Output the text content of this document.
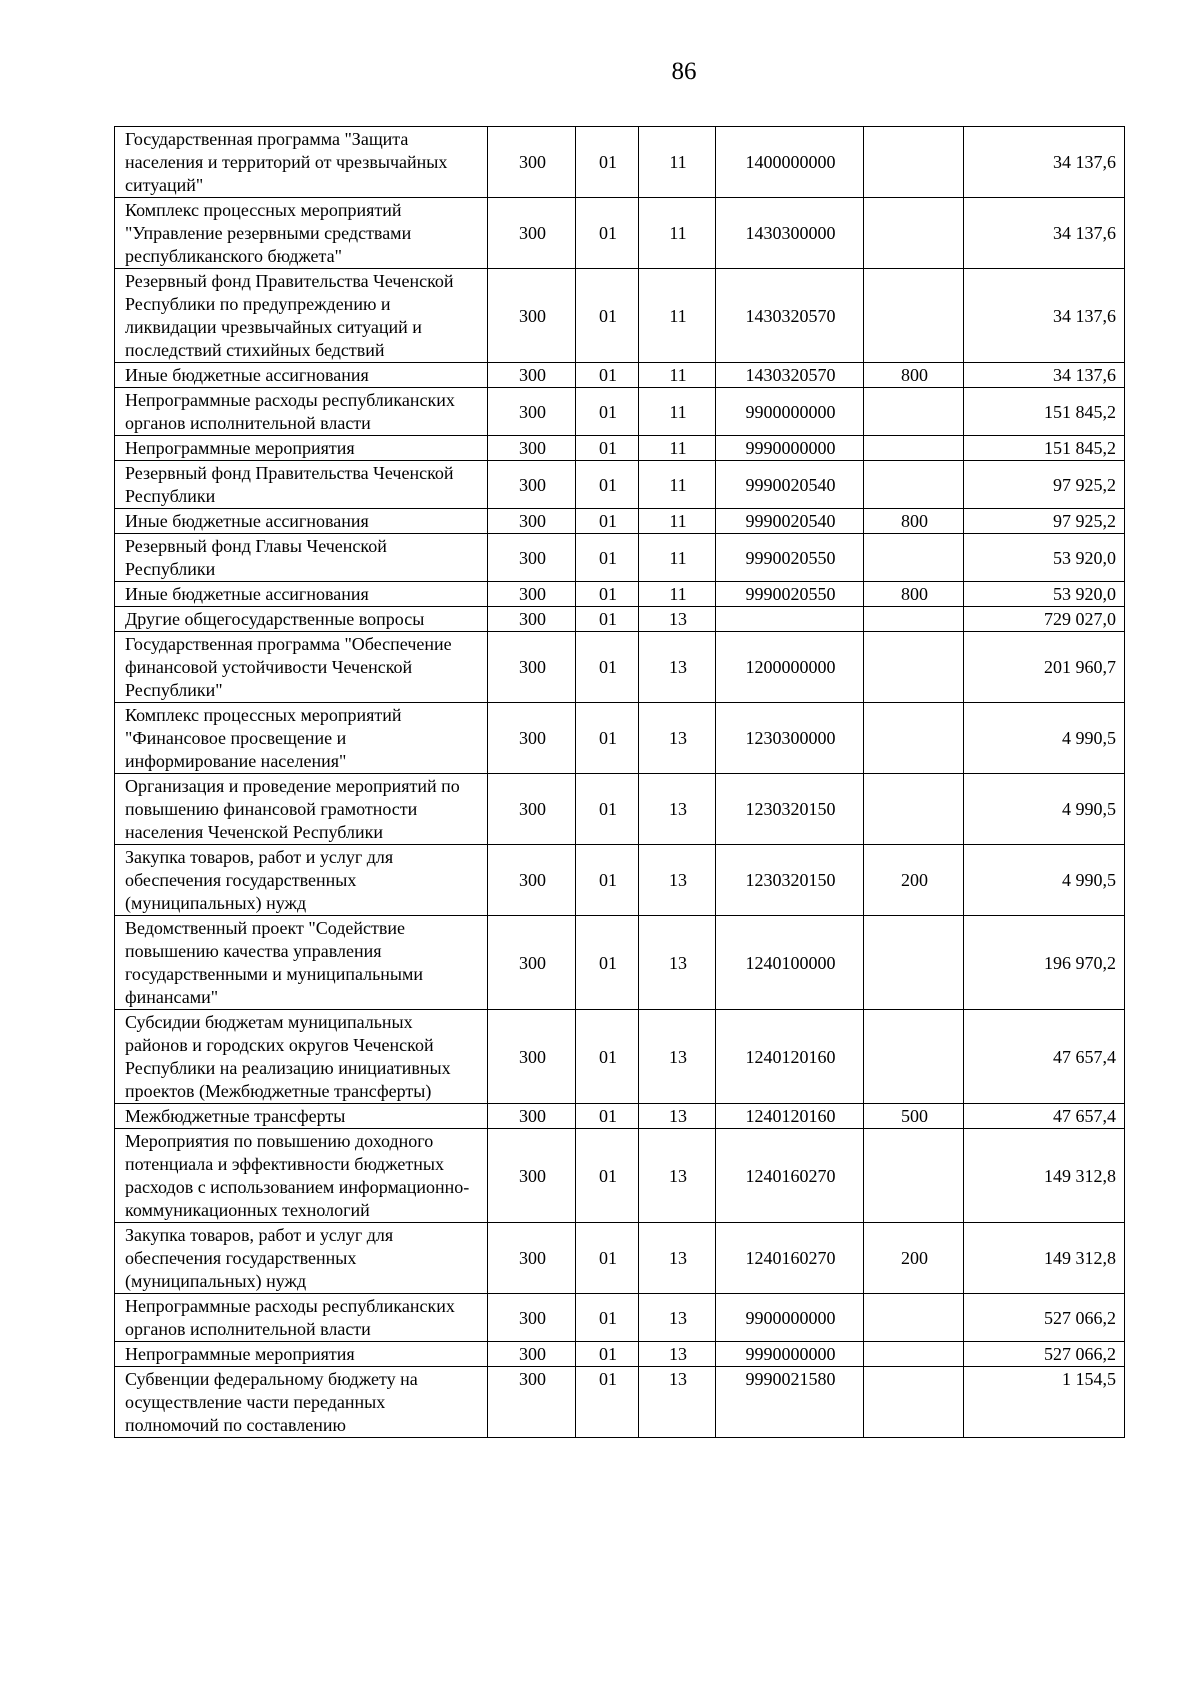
86
Государственная программа "Защита населения и территорий от чрезвычайных ситуаций"	300	01	11	1400000000		34 137,6
Комплекс процессных мероприятий "Управление резервными средствами республиканского бюджета"	300	01	11	1430300000		34 137,6
Резервный фонд Правительства Чеченской Республики по предупреждению и ликвидации чрезвычайных ситуаций и последствий стихийных бедствий	300	01	11	1430320570		34 137,6
Иные бюджетные ассигнования	300	01	11	1430320570	800	34 137,6
Непрограммные расходы республиканских органов исполнительной власти	300	01	11	9900000000		151 845,2
Непрограммные мероприятия	300	01	11	9990000000		151 845,2
Резервный фонд Правительства Чеченской Республики	300	01	11	9990020540		97 925,2
Иные бюджетные ассигнования	300	01	11	9990020540	800	97 925,2
Резервный фонд Главы Чеченской Республики	300	01	11	9990020550		53 920,0
Иные бюджетные ассигнования	300	01	11	9990020550	800	53 920,0
Другие общегосударственные вопросы	300	01	13			729 027,0
Государственная программа "Обеспечение финансовой устойчивости Чеченской Республики"	300	01	13	1200000000		201 960,7
Комплекс процессных мероприятий "Финансовое просвещение и информирование населения"	300	01	13	1230300000		4 990,5
Организация и проведение мероприятий по повышению финансовой грамотности населения Чеченской Республики	300	01	13	1230320150		4 990,5
Закупка товаров, работ и услуг для обеспечения государственных (муниципальных) нужд	300	01	13	1230320150	200	4 990,5
Ведомственный проект "Содействие повышению качества управления государственными и муниципальными финансами"	300	01	13	1240100000		196 970,2
Субсидии бюджетам муниципальных районов и городских округов Чеченской Республики на реализацию инициативных проектов (Межбюджетные трансферты)	300	01	13	1240120160		47 657,4
Межбюджетные трансферты	300	01	13	1240120160	500	47 657,4
Мероприятия по повышению доходного потенциала и эффективности бюджетных расходов с использованием информационно-коммуникационных технологий	300	01	13	1240160270		149 312,8
Закупка товаров, работ и услуг для обеспечения государственных (муниципальных) нужд	300	01	13	1240160270	200	149 312,8
Непрограммные расходы республиканских органов исполнительной власти	300	01	13	9900000000		527 066,2
Непрограммные мероприятия	300	01	13	9990000000		527 066,2
Субвенции федеральному бюджету на осуществление части переданных полномочий по составлению	300	01	13	9990021580		1 154,5
